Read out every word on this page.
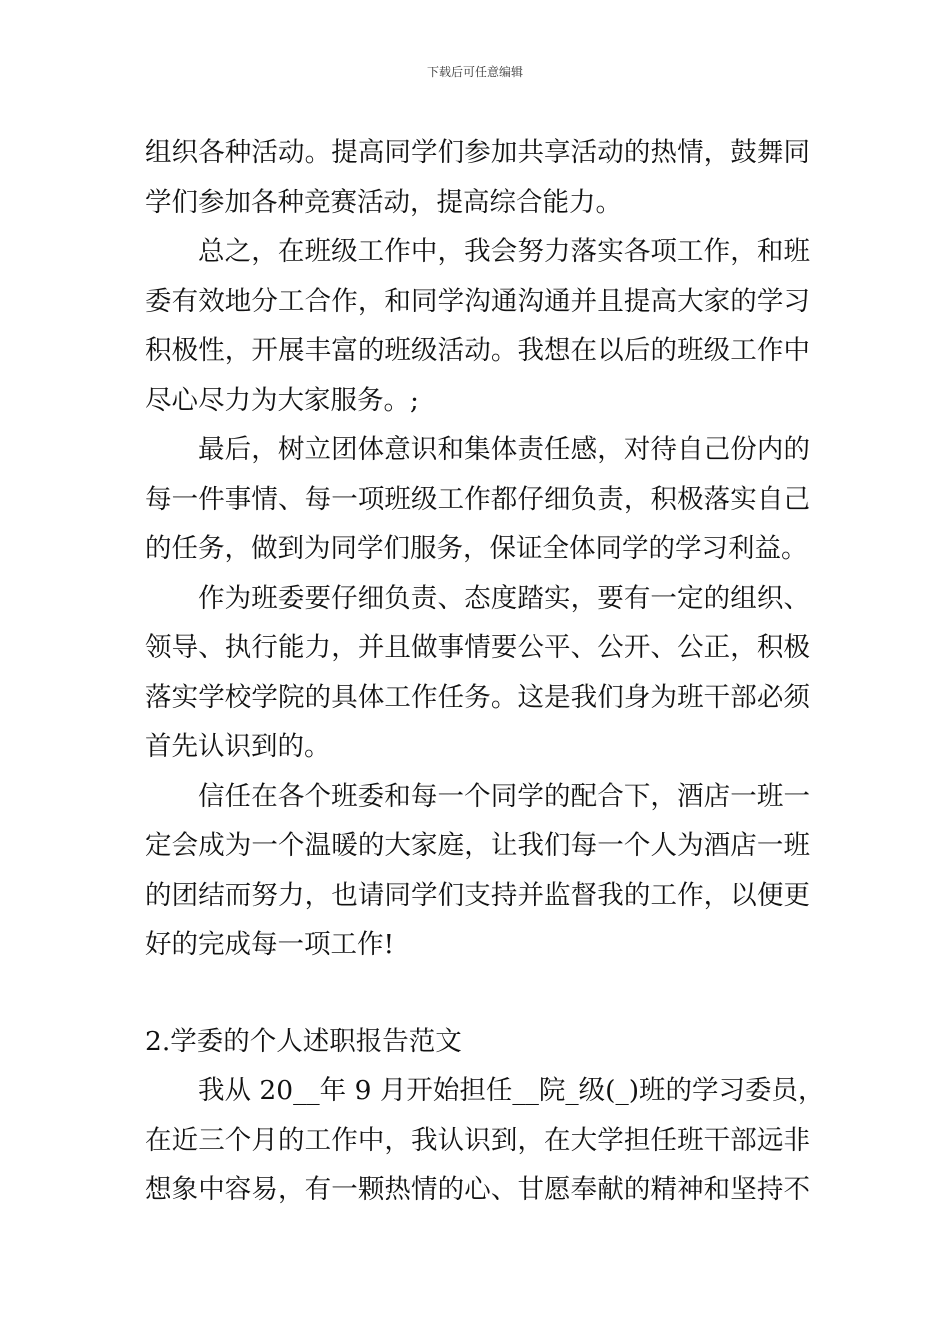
下载后可任意编辑
组织各种活动。提高同学们参加共享活动的热情，鼓舞同
学们参加各种竞赛活动，提高综合能力。
总之，在班级工作中，我会努力落实各项工作，和班
委有效地分工合作，和同学沟通沟通并且提高大家的学习
积极性，开展丰富的班级活动。我想在以后的班级工作中
尽心尽力为大家服务。;
最后，树立团体意识和集体责任感，对待自己份内的
每一件事情、每一项班级工作都仔细负责，积极落实自己
的任务，做到为同学们服务，保证全体同学的学习利益。
作为班委要仔细负责、态度踏实，要有一定的组织、
领导、执行能力，并且做事情要公平、公开、公正，积极
落实学校学院的具体工作任务。这是我们身为班干部必须
首先认识到的。
信任在各个班委和每一个同学的配合下，酒店一班一
定会成为一个温暖的大家庭，让我们每一个人为酒店一班
的团结而努力，也请同学们支持并监督我的工作，以便更
好的完成每一项工作!
2.学委的个人述职报告范文
我从 20__年 9 月开始担任__院_级(_)班的学习委员，
在近三个月的工作中，我认识到，在大学担任班干部远非
想象中容易，有一颗热情的心、甘愿奉献的精神和坚持不
